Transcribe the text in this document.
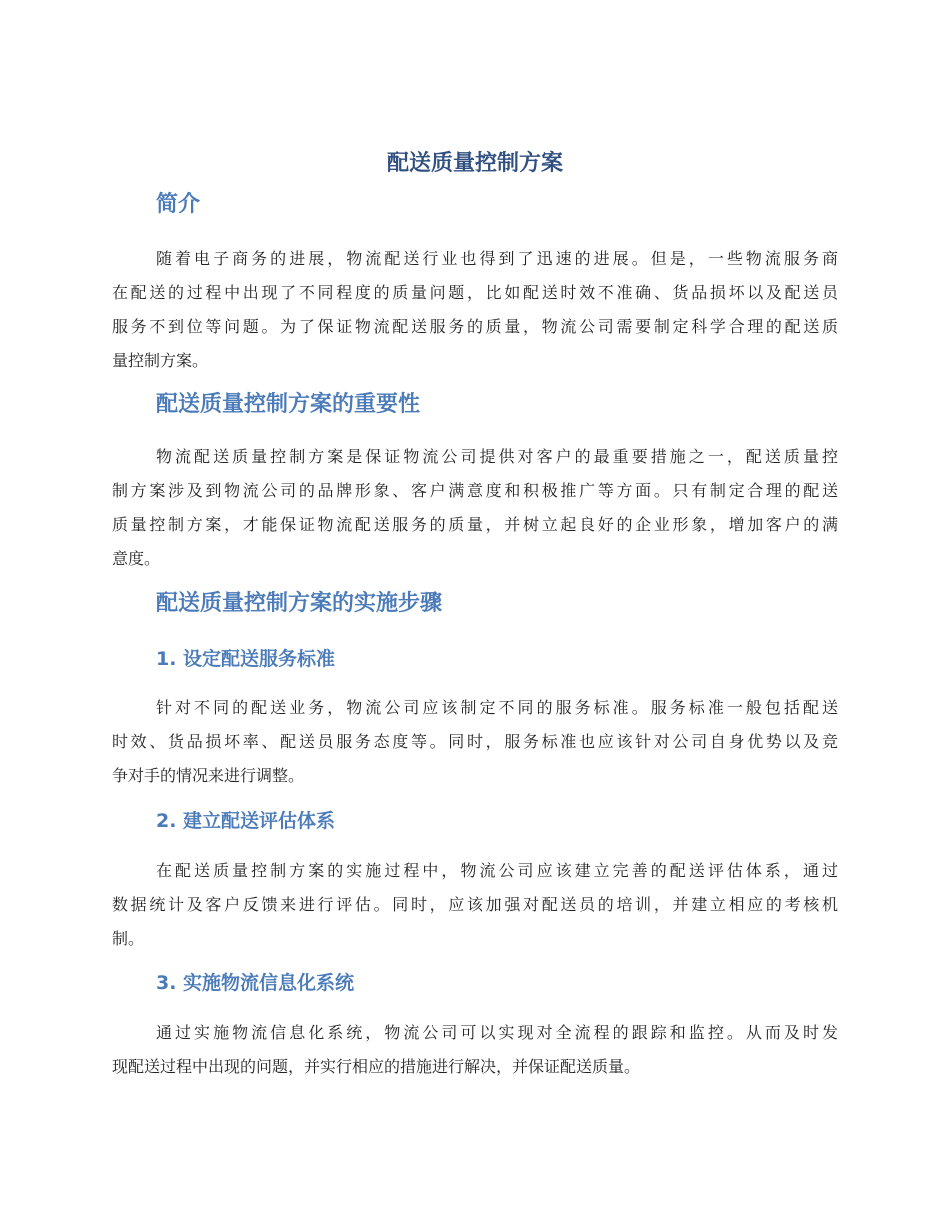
配送质量控制方案
简介
随着电子商务的进展，物流配送行业也得到了迅速的进展。但是，一些物流服务商
在配送的过程中出现了不同程度的质量问题，比如配送时效不准确、货品损坏以及配送员
服务不到位等问题。为了保证物流配送服务的质量，物流公司需要制定科学合理的配送质
量控制方案。
配送质量控制方案的重要性
物流配送质量控制方案是保证物流公司提供对客户的最重要措施之一，配送质量控
制方案涉及到物流公司的品牌形象、客户满意度和积极推广等方面。只有制定合理的配送
质量控制方案，才能保证物流配送服务的质量，并树立起良好的企业形象，增加客户的满
意度。
配送质量控制方案的实施步骤
1. 设定配送服务标准
针对不同的配送业务，物流公司应该制定不同的服务标准。服务标准一般包括配送
时效、货品损坏率、配送员服务态度等。同时，服务标准也应该针对公司自身优势以及竞
争对手的情况来进行调整。
2. 建立配送评估体系
在配送质量控制方案的实施过程中，物流公司应该建立完善的配送评估体系，通过
数据统计及客户反馈来进行评估。同时，应该加强对配送员的培训，并建立相应的考核机
制。
3. 实施物流信息化系统
通过实施物流信息化系统，物流公司可以实现对全流程的跟踪和监控。从而及时发
现配送过程中出现的问题，并实行相应的措施进行解决，并保证配送质量。
